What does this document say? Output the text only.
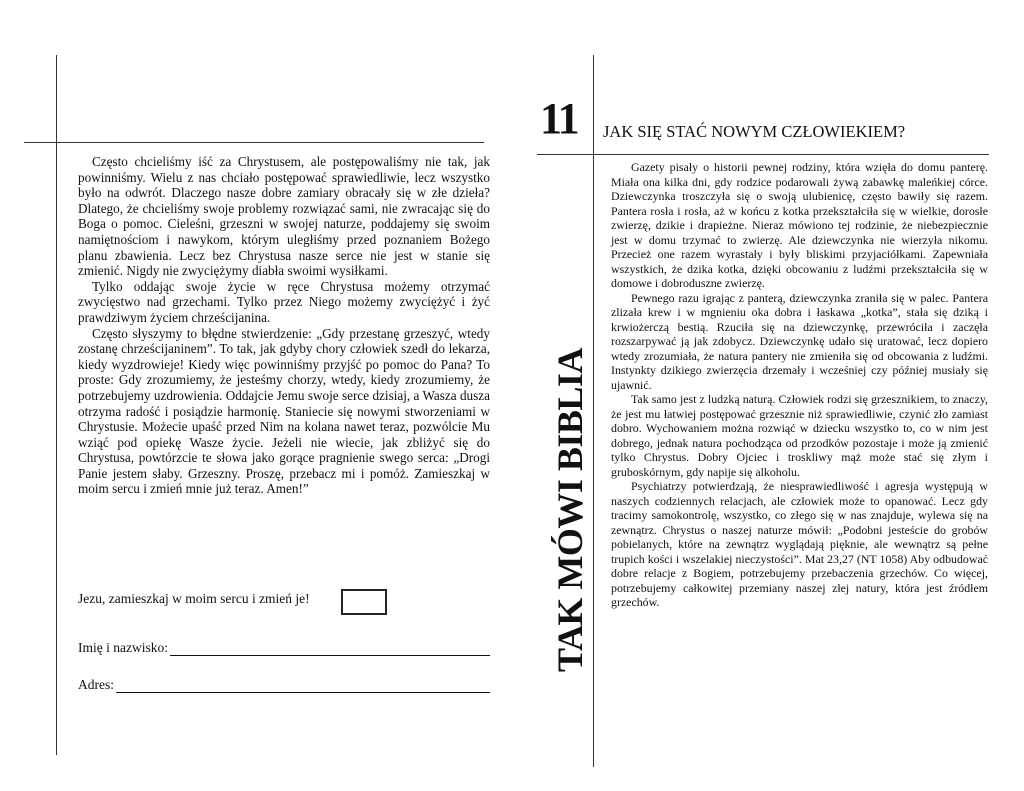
Często chcieliśmy iść za Chrystusem, ale postępowaliśmy nie tak, jak powinniśmy. Wielu z nas chciało postępować sprawiedliwie, lecz wszystko było na odwrót. Dlaczego nasze dobre zamiary obracały się w złe dzieła? Dlatego, że chcieliśmy swoje problemy rozwiązać sami, nie zwracając się do Boga o pomoc. Cieleśni, grzeszni w swojej naturze, poddajemy się swoim namiętnościom i nawykom, którym uległiśmy przed poznaniem Bożego planu zbawienia. Lecz bez Chrystusa nasze serce nie jest w stanie się zmienić. Nigdy nie zwyciężymy diabła swoimi wysiłkami.

Tylko oddając swoje życie w ręce Chrystusa możemy otrzymać zwycięstwo nad grzechami. Tylko przez Niego możemy zwyciężyć i żyć prawdziwym życiem chrześcijanina.

Często słyszymy to błędne stwierdzenie: „Gdy przestanę grzeszyć, wtedy zostanę chrześcijaninem”. To tak, jak gdyby chory człowiek szedł do lekarza, kiedy wyzdrowieje! Kiedy więc powinniśmy przyjść po pomoc do Pana? To proste: Gdy zrozumiemy, że jesteśmy chorzy, wtedy, kiedy zrozumiemy, że potrzebujemy uzdrowienia. Oddajcie Jemu swoje serce dzisiaj, a Wasza dusza otrzyma radość i posiądzie harmonię. Staniecie się nowymi stworzeniami w Chrystusie. Możecie upaść przed Nim na kolana nawet teraz, pozwólcie Mu wziąć pod opiekę Wasze życie. Jeżeli nie wiecie, jak zbliżyć się do Chrystusa, powtórzcie te słowa jako gorące pragnienie swego serca: „Drogi Panie jestem słaby. Grzeszny. Proszę, przebacz mi i pomóż. Zamieszkaj w moim sercu i zmień mnie już teraz. Amen!”

Jezu, zamieszkaj w moim sercu i zmień je!
Imię i nazwisko:
Adres:
11 JAK SIĘ STAĆ NOWYM CZŁOWIEKIEM?
TAK MÓWI BIBLIA

Gazety pisały o historii pewnej rodziny, która wzięła do domu panterę. Miała ona kilka dni, gdy rodzice podarowali żywą zabawkę maleńkiej córce. Dziewczynka troszczyła się o swoją ulubienicę, często bawiły się razem. Pantera rosła i rosła, aż w końcu z kotka przekształciła się w wielkie, dorosłe zwierzę, dzikie i drapieżne. Nieraz mówiono tej rodzinie, że niebezpiecznie jest w domu trzymać to zwierzę. Ale dziewczynka nie wierzyła nikomu. Przecież one razem wyrastały i były bliskimi przyjaciółkami. Zapewniała wszystkich, że dzika kotka, dzięki obcowaniu z ludźmi przekształciła się w domowe i dobroduszne zwierzę.

Pewnego razu igrając z panterą, dziewczynka zraniła się w palec. Pantera zlizała krew i w mgnieniu oka dobra i łaskawa „kotka”, stała się dziką i krwiożerczą bestią. Rzuciła się na dziewczynkę, przewróciła i zaczęła rozszarpywać ją jak zdobycz. Dziewczynkę udało się uratować, lecz dopiero wtedy zrozumiała, że natura pantery nie zmieniła się od obcowania z ludźmi. Instynkty dzikiego zwierzęcia drzemały i wcześniej czy później musiały się ujawnić.

Tak samo jest z ludzką naturą. Człowiek rodzi się grzesznikiem, to znaczy, że jest mu łatwiej postępować grzesznie niż sprawiedliwie, czynić zło zamiast dobro. Wychowaniem można rozwiąć w dziecku wszystko to, co w nim jest dobrego, jednak natura pochodząca od przodków pozostaje i może ją zmienić tylko Chrystus. Dobry Ojciec i troskliwy mąż może stać się złym i gruboskórnym, gdy napije się alkoholu.

Psychiatrzy potwierdzają, że niesprawiedliwość i agresja występują w naszych codziennych relacjach, ale człowiek może to opanować. Lecz gdy tracimy samokontrolę, wszystko, co złego się w nas znajduje, wylewa się na zewnątrz. Chrystus o naszej naturze mówił: „Podobni jesteście do grobów pobielanych, które na zewnątrz wyglądają pięknie, ale wewnątrz są pełne trupich kości i wszelakiej nieczystości”. Mat 23,27 (NT 1058) Aby odbudować dobre relacje z Bogiem, potrzebujemy przebaczenia grzechów. Co więcej, potrzebujemy całkowitej przemiany naszej złej natury, która jest źródłem grzechów.
